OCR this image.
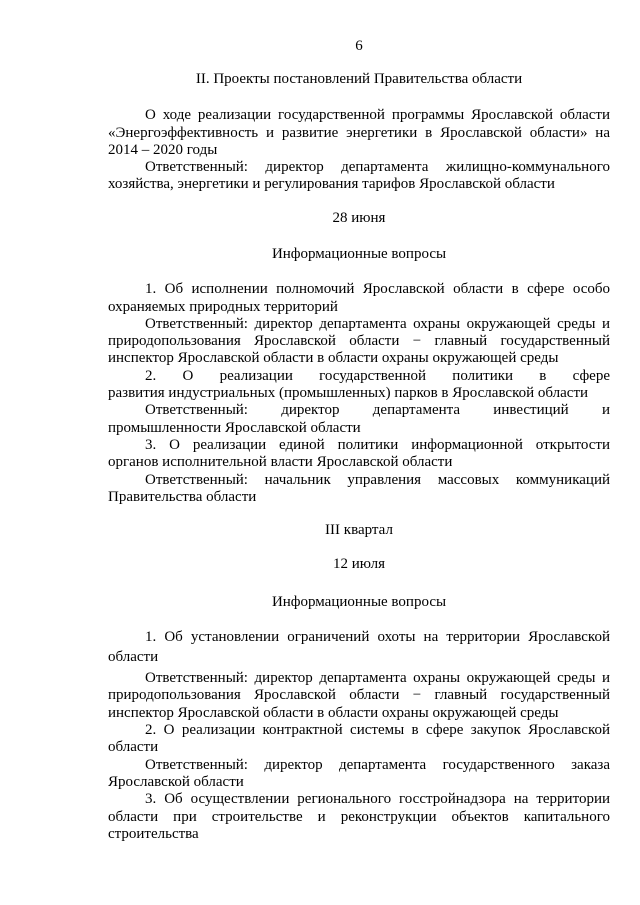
6
II. Проекты постановлений Правительства области
О ходе реализации государственной программы Ярославской области
«Энергоэффективность и развитие энергетики в Ярославской области» на
2014 – 2020 годы
Ответственный: директор департамента жилищно-коммунального
хозяйства, энергетики и регулирования тарифов Ярославской области
28 июня
Информационные вопросы
1. Об исполнении полномочий Ярославской области в сфере особо
охраняемых природных территорий
Ответственный: директор департамента охраны окружающей среды и
природопользования Ярославской области − главный государственный
инспектор Ярославской области в области охраны окружающей среды
2. О реализации государственной политики в сфере
развития индустриальных (промышленных) парков в Ярославской области
Ответственный: директор департамента инвестиций и
промышленности Ярославской области
3. О реализации единой политики информационной открытости
органов исполнительной власти Ярославской области
Ответственный: начальник управления массовых коммуникаций
Правительства области
III квартал
12 июля
Информационные вопросы
1. Об установлении ограничений охоты на территории Ярославской
области
Ответственный: директор департамента охраны окружающей среды и
природопользования Ярославской области − главный государственный
инспектор Ярославской области в области охраны окружающей среды
2. О реализации контрактной системы в сфере закупок Ярославской
области
Ответственный: директор департамента государственного заказа
Ярославской области
3. Об осуществлении регионального госстройнадзора на территории
области при строительстве и реконструкции объектов капитального
строительства
